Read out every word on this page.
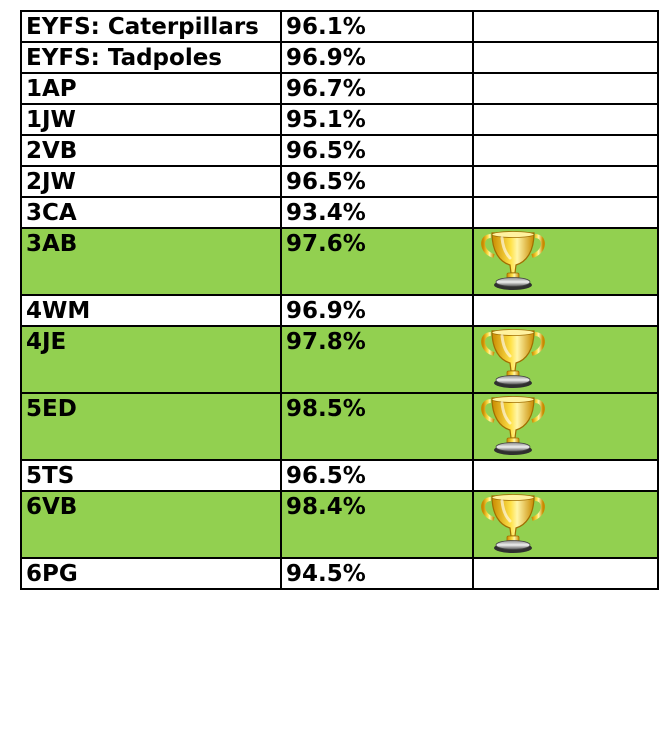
EYFS: Caterpillars	96.1%	
EYFS: Tadpoles	96.9%	
1AP	96.7%	
1JW	95.1%	
2VB	96.5%	
2JW	96.5%	
3CA	93.4%	
3AB	97.6%	

4WM	96.9%	
4JE	97.8%	

5ED	98.5%	

5TS	96.5%	
6VB	98.4%	

6PG	94.5%	
